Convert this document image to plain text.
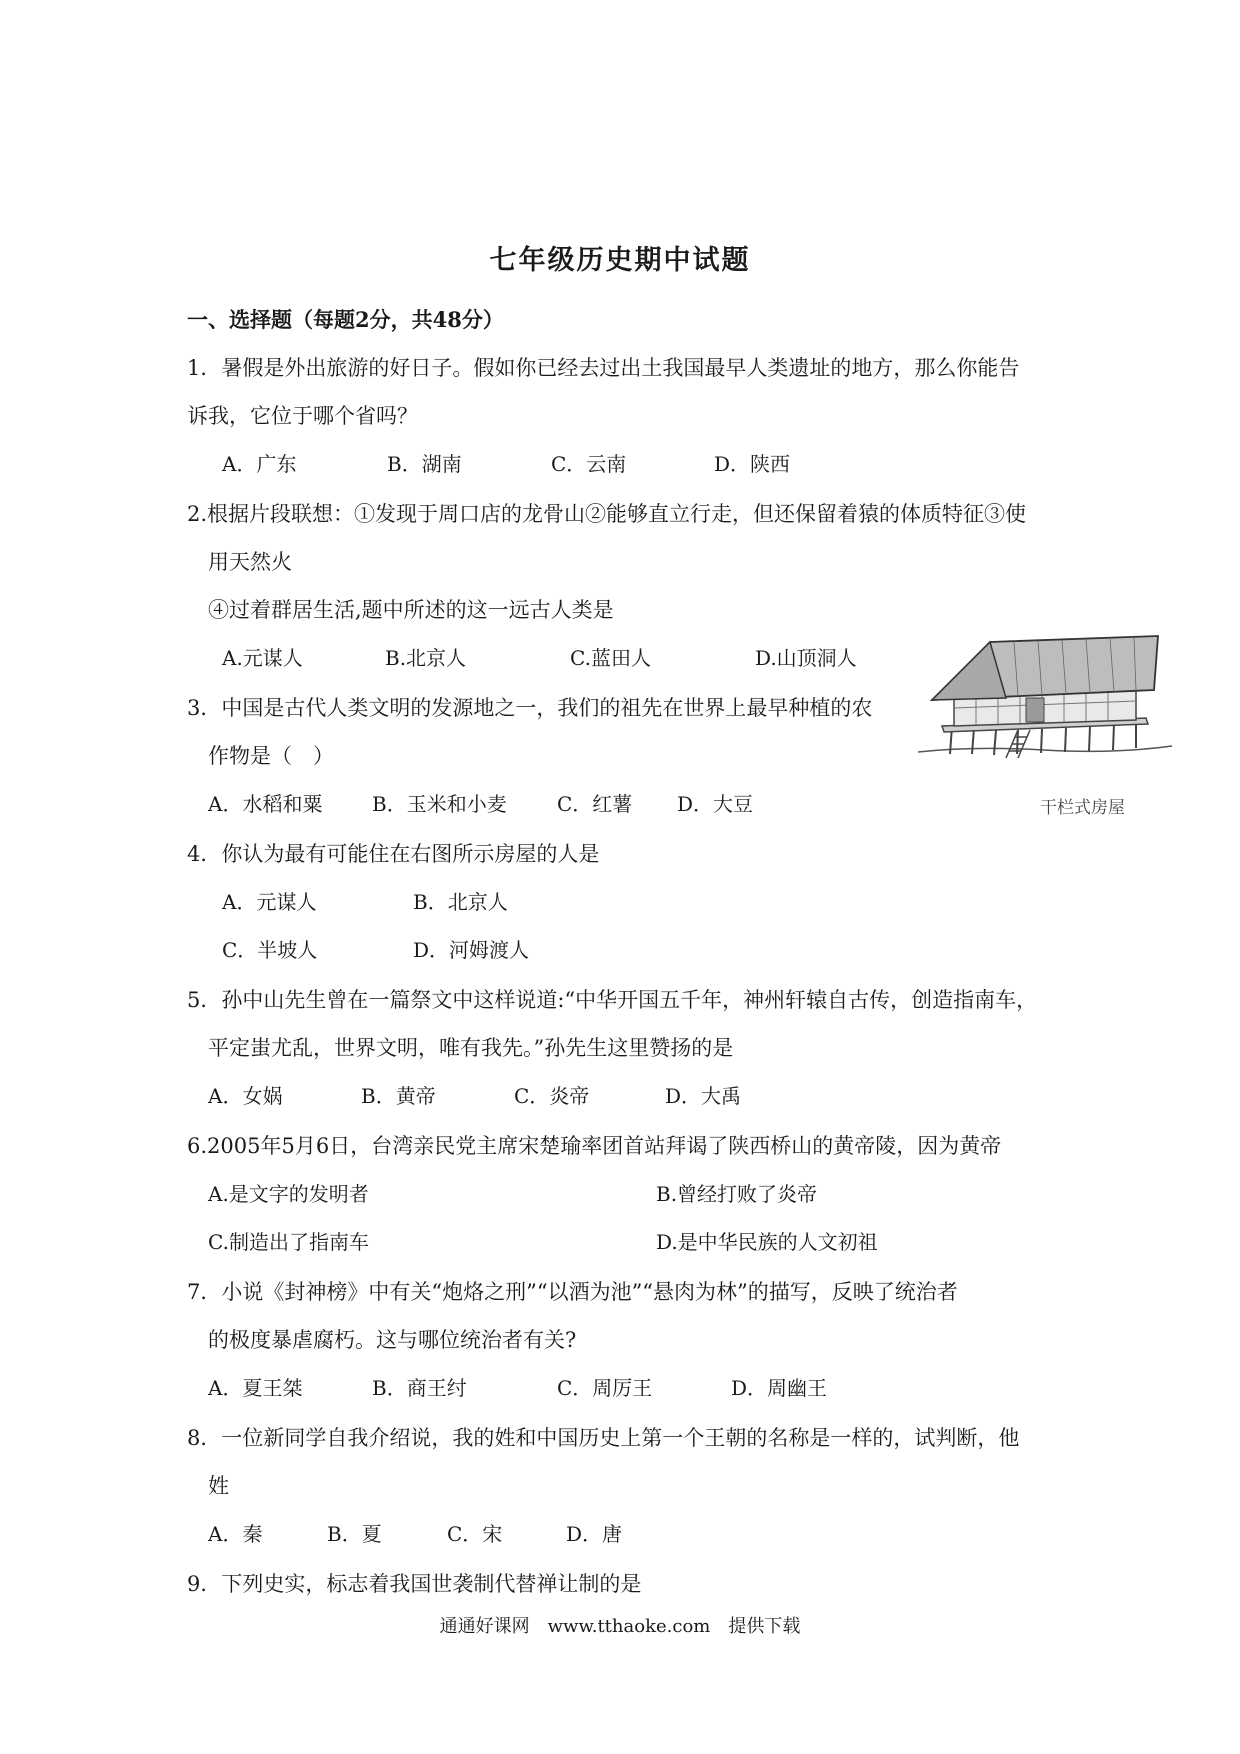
七年级历史期中试题
一、选择题（每题2分，共48分）
1．暑假是外出旅游的好日子。假如你已经去过出土我国最早人类遗址的地方，那么你能告
诉我，它位于哪个省吗？
A．广东	B．湖南	C．云南	D．陕西
2.根据片段联想：①发现于周口店的龙骨山②能够直立行走，但还保留着猿的体质特征③使
用天然火
④过着群居生活,题中所述的这一远古人类是
A.元谋人	B.北京人	C.蓝田人	D.山顶洞人
3．中国是古代人类文明的发源地之一，我们的祖先在世界上最早种植的农
作物是（　）
A．水稻和粟 B．玉米和小麦	C．红薯 D．大豆
4．你认为最有可能住在右图所示房屋的人是
A．元谋人	B．北京人
C．半坡人	D．河姆渡人
5．孙中山先生曾在一篇祭文中这样说道:“中华开国五千年，神州轩辕自古传，创造指南车，
平定蚩尤乱，世界文明，唯有我先。”孙先生这里赞扬的是
A．女娲	B．黄帝	C．炎帝	D．大禹
6.2005年5月6日，台湾亲民党主席宋楚瑜率团首站拜谒了陕西桥山的黄帝陵，因为黄帝
A.是文字的发明者	B.曾经打败了炎帝
C.制造出了指南车	D.是中华民族的人文初祖
7．小说《封神榜》中有关“炮烙之刑”“以酒为池”“悬肉为林”的描写，反映了统治者
的极度暴虐腐朽。这与哪位统治者有关?
A．夏王桀	B．商王纣	C．周厉王	D．周幽王
8．一位新同学自我介绍说，我的姓和中国历史上第一个王朝的名称是一样的，试判断，他
姓
A．秦	B．夏	C．宋	D．唐
9．下列史实，标志着我国世袭制代替禅让制的是
干栏式房屋
通通好课网　www.tthaoke.com　提供下载
